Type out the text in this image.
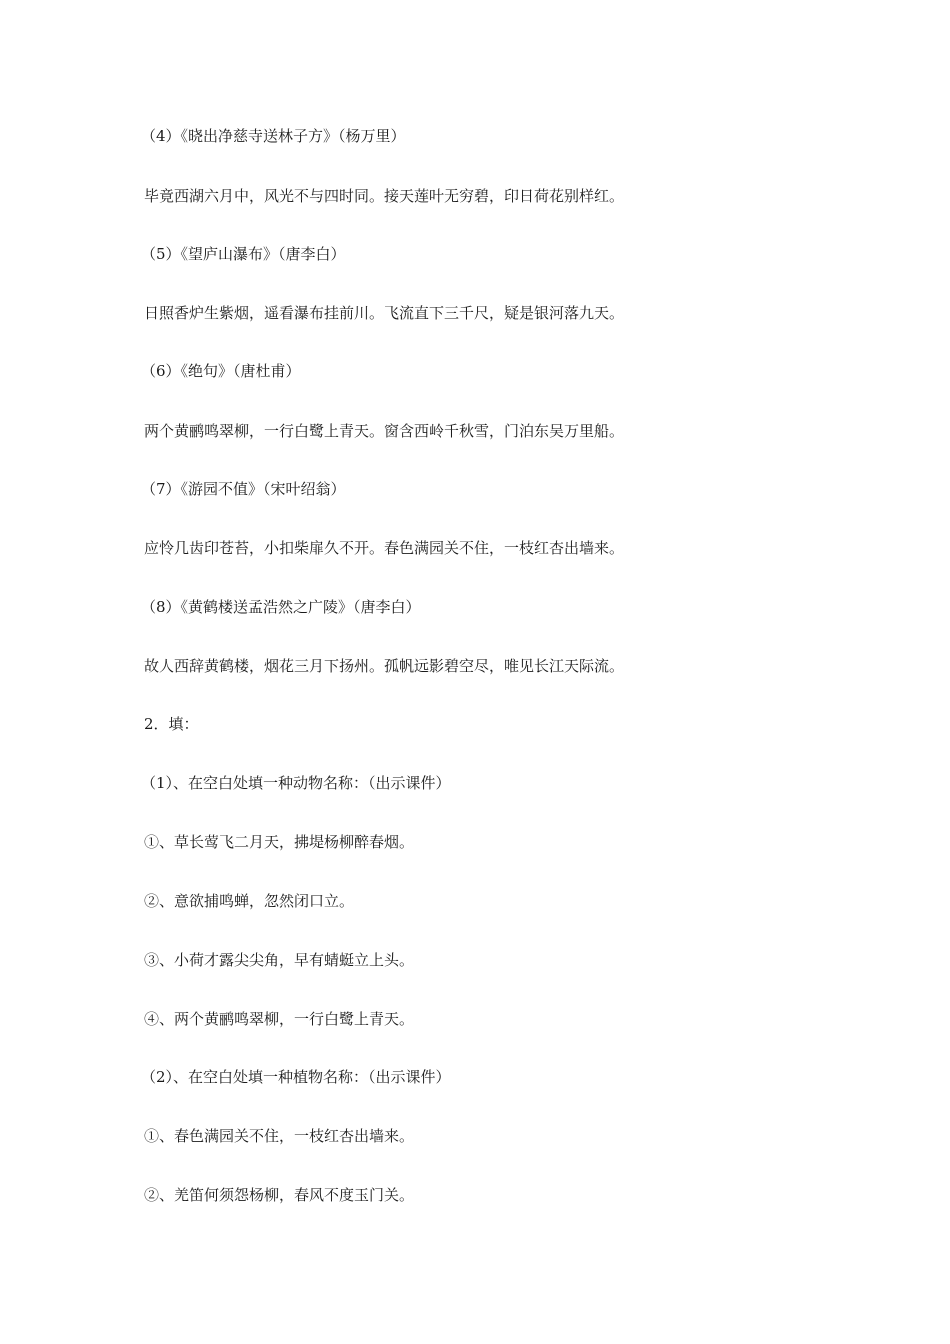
（4）《晓出净慈寺送林子方》（杨万里）
毕竟西湖六月中，风光不与四时同。接天莲叶无穷碧，印日荷花别样红。
（5）《望庐山瀑布》（唐李白）
日照香炉生紫烟，遥看瀑布挂前川。飞流直下三千尺，疑是银河落九天。
（6）《绝句》（唐杜甫）
两个黄鹂鸣翠柳，一行白鹭上青天。窗含西岭千秋雪，门泊东吴万里船。
（7）《游园不值》（宋叶绍翁）
应怜几齿印苍苔，小扣柴扉久不开。春色满园关不住，一枝红杏出墙来。
（8）《黄鹤楼送孟浩然之广陵》（唐李白）
故人西辞黄鹤楼，烟花三月下扬州。孤帆远影碧空尽，唯见长江天际流。
2．填：
（1）、在空白处填一种动物名称：（出示课件）
①、草长莺飞二月天，拂堤杨柳醉春烟。
②、意欲捕鸣蝉，忽然闭口立。
③、小荷才露尖尖角，早有蜻蜓立上头。
④、两个黄鹂鸣翠柳，一行白鹭上青天。
（2）、在空白处填一种植物名称：（出示课件）
①、春色满园关不住，一枝红杏出墙来。
②、羌笛何须怨杨柳，春风不度玉门关。
